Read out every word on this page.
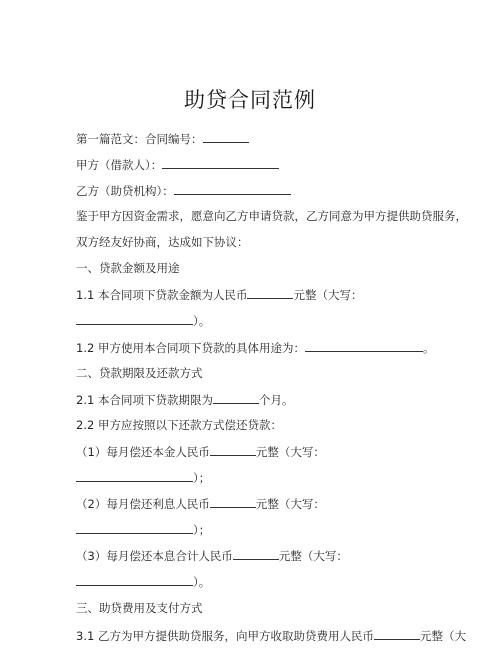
助贷合同范例
第一篇范文：合同编号：
甲方（借款人）：
乙方（助贷机构）：
鉴于甲方因资金需求，愿意向乙方申请贷款，乙方同意为甲方提供助贷服务，
双方经友好协商，达成如下协议：
一、贷款金额及用途
1.1 本合同项下贷款金额为人民币	元整（大写：
）。
1.2 甲方使用本合同项下贷款的具体用途为：	。
二、贷款期限及还款方式
2.1 本合同项下贷款期限为	个月。
2.2 甲方应按照以下还款方式偿还贷款：
（1）每月偿还本金人民币	元整（大写：
）；
（2）每月偿还利息人民币	元整（大写：
）；
（3）每月偿还本息合计人民币	元整（大写：
）。
三、助贷费用及支付方式
3.1 乙方为甲方提供助贷服务，向甲方收取助贷费用人民币	元整（大
